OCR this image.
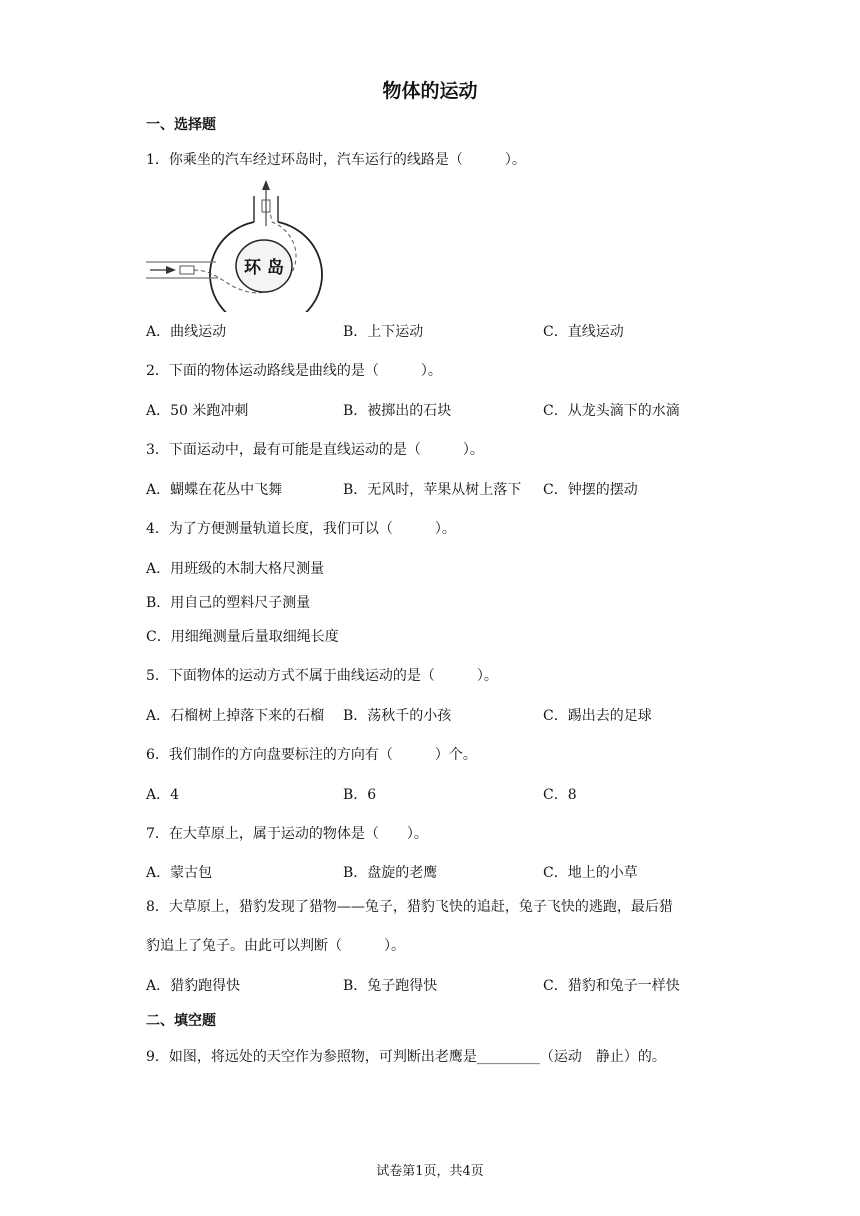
物体的运动
一、选择题
1．你乘坐的汽车经过环岛时，汽车运行的线路是（　　　）。
环 岛
A．曲线运动	B．上下运动	C．直线运动
2．下面的物体运动路线是曲线的是（　　　）。
A．50 米跑冲刺	B．被掷出的石块	C．从龙头滴下的水滴
3．下面运动中，最有可能是直线运动的是（　　　）。
A．蝴蝶在花丛中飞舞	B．无风时，苹果从树上落下 C．钟摆的摆动
4．为了方便测量轨道长度，我们可以（　　　）。
A．用班级的木制大格尺测量
B．用自己的塑料尺子测量
C．用细绳测量后量取细绳长度
5．下面物体的运动方式不属于曲线运动的是（　　　）。
A．石榴树上掉落下来的石榴 B．荡秋千的小孩	C．踢出去的足球
6．我们制作的方向盘要标注的方向有（　　　）个。
A．4	B．6	C．8
7．在大草原上，属于运动的物体是（　　）。
A．蒙古包	B．盘旋的老鹰	C．地上的小草
8．大草原上，猎豹发现了猎物——兔子，猎豹飞快的追赶，兔子飞快的逃跑，最后猎
豹追上了兔子。由此可以判断（　　　）。
A．猎豹跑得快	B．兔子跑得快	C．猎豹和兔子一样快
二、填空题
9．如图，将远处的天空作为参照物，可判断出老鹰是_________（运动　静止）的。
试卷第1页，共4页
